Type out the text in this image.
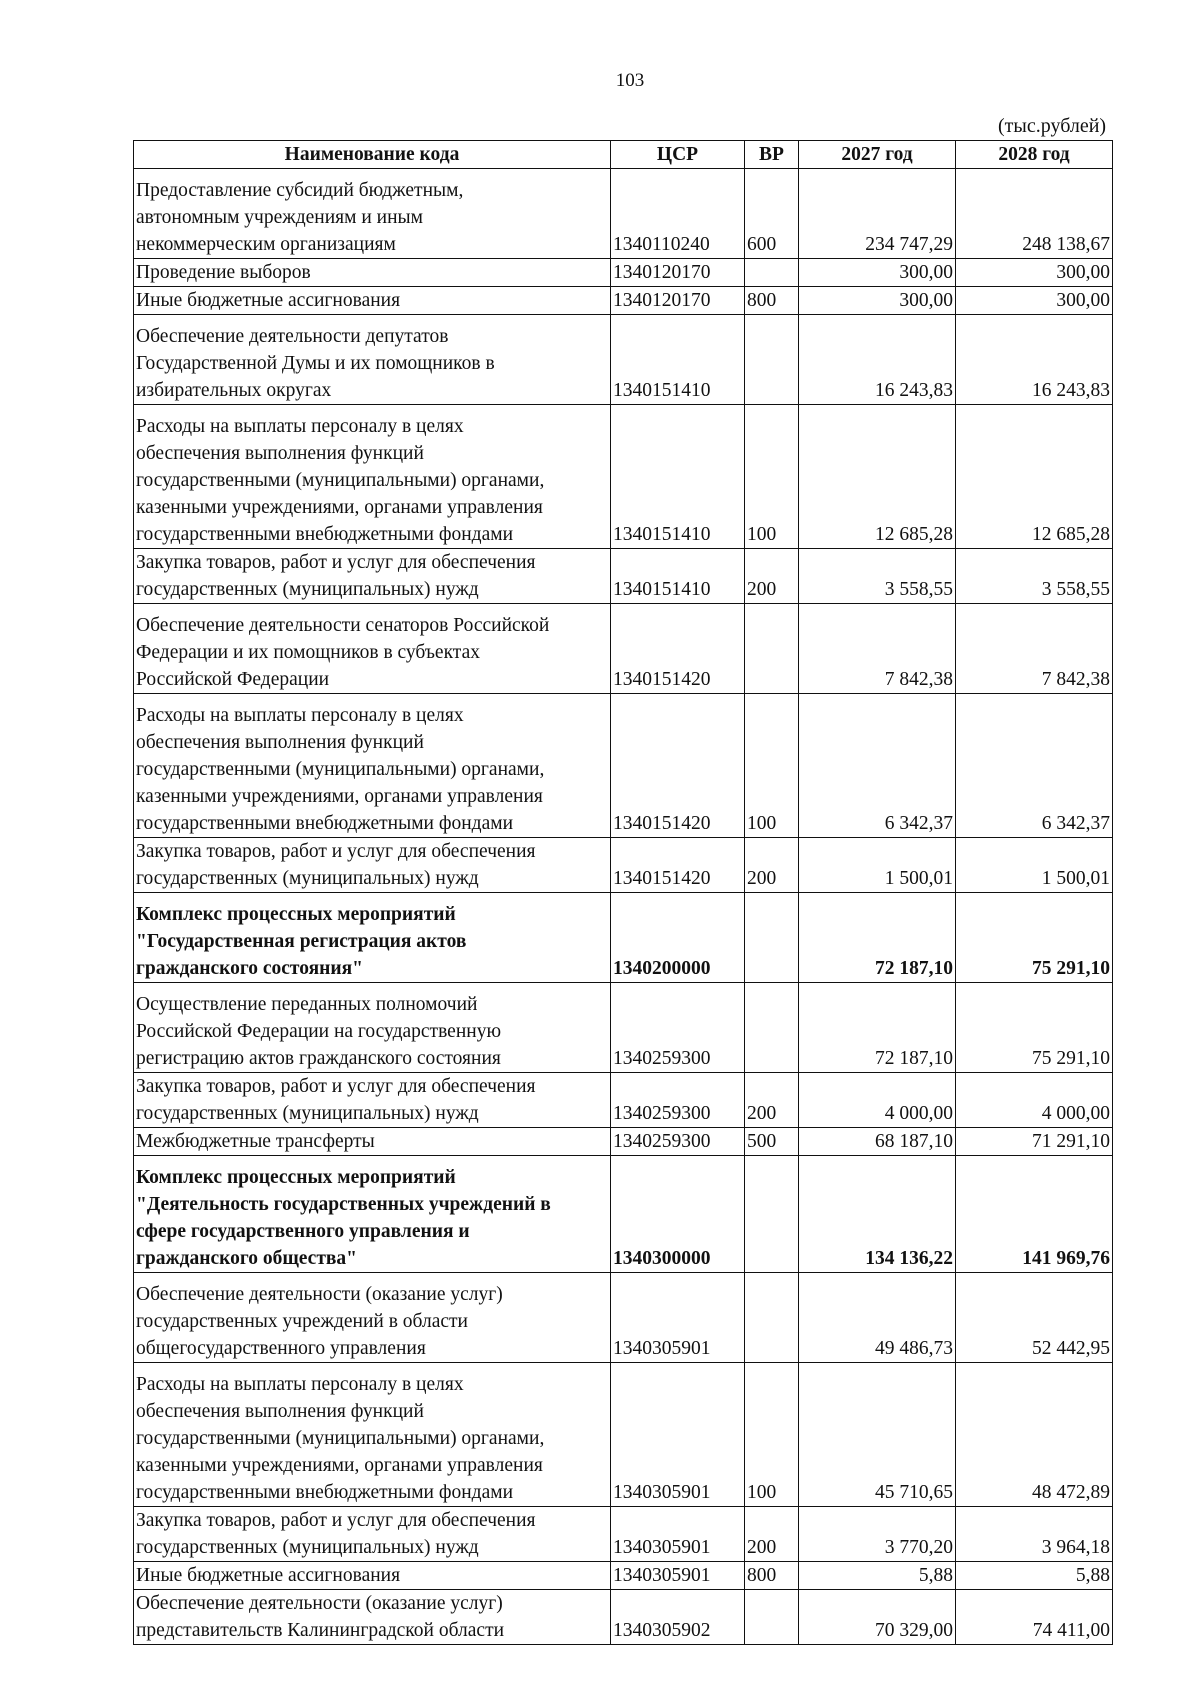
103
(тыс.рублей)
Наименование кода	ЦСР	ВР	2027 год	2028 год
Предоставление субсидий бюджетным,
автономным учреждениям и иным
некоммерческим организациям	1340110240	600	234 747,29	248 138,67
Проведение выборов	1340120170		300,00	300,00
Иные бюджетные ассигнования	1340120170	800	300,00	300,00
Обеспечение деятельности депутатов
Государственной Думы и их помощников в
избирательных округах	1340151410		16 243,83	16 243,83
Расходы на выплаты персоналу в целях
обеспечения выполнения функций
государственными (муниципальными) органами,
казенными учреждениями, органами управления
государственными внебюджетными фондами	1340151410	100	12 685,28	12 685,28
Закупка товаров, работ и услуг для обеспечения
государственных (муниципальных) нужд	1340151410	200	3 558,55	3 558,55
Обеспечение деятельности сенаторов Российской
Федерации и их помощников в субъектах
Российской Федерации	1340151420		7 842,38	7 842,38
Расходы на выплаты персоналу в целях
обеспечения выполнения функций
государственными (муниципальными) органами,
казенными учреждениями, органами управления
государственными внебюджетными фондами	1340151420	100	6 342,37	6 342,37
Закупка товаров, работ и услуг для обеспечения
государственных (муниципальных) нужд	1340151420	200	1 500,01	1 500,01
Комплекс процессных мероприятий
"Государственная регистрация актов
гражданского состояния"	1340200000		72 187,10	75 291,10
Осуществление переданных полномочий
Российской Федерации на государственную
регистрацию актов гражданского состояния	1340259300		72 187,10	75 291,10
Закупка товаров, работ и услуг для обеспечения
государственных (муниципальных) нужд	1340259300	200	4 000,00	4 000,00
Межбюджетные трансферты	1340259300	500	68 187,10	71 291,10
Комплекс процессных мероприятий
"Деятельность государственных учреждений в
сфере государственного управления и
гражданского общества"	1340300000		134 136,22	141 969,76
Обеспечение деятельности (оказание услуг)
государственных учреждений в области
общегосударственного управления	1340305901		49 486,73	52 442,95
Расходы на выплаты персоналу в целях
обеспечения выполнения функций
государственными (муниципальными) органами,
казенными учреждениями, органами управления
государственными внебюджетными фондами	1340305901	100	45 710,65	48 472,89
Закупка товаров, работ и услуг для обеспечения
государственных (муниципальных) нужд	1340305901	200	3 770,20	3 964,18
Иные бюджетные ассигнования	1340305901	800	5,88	5,88
Обеспечение деятельности (оказание услуг)
представительств Калининградской области	1340305902		70 329,00	74 411,00
